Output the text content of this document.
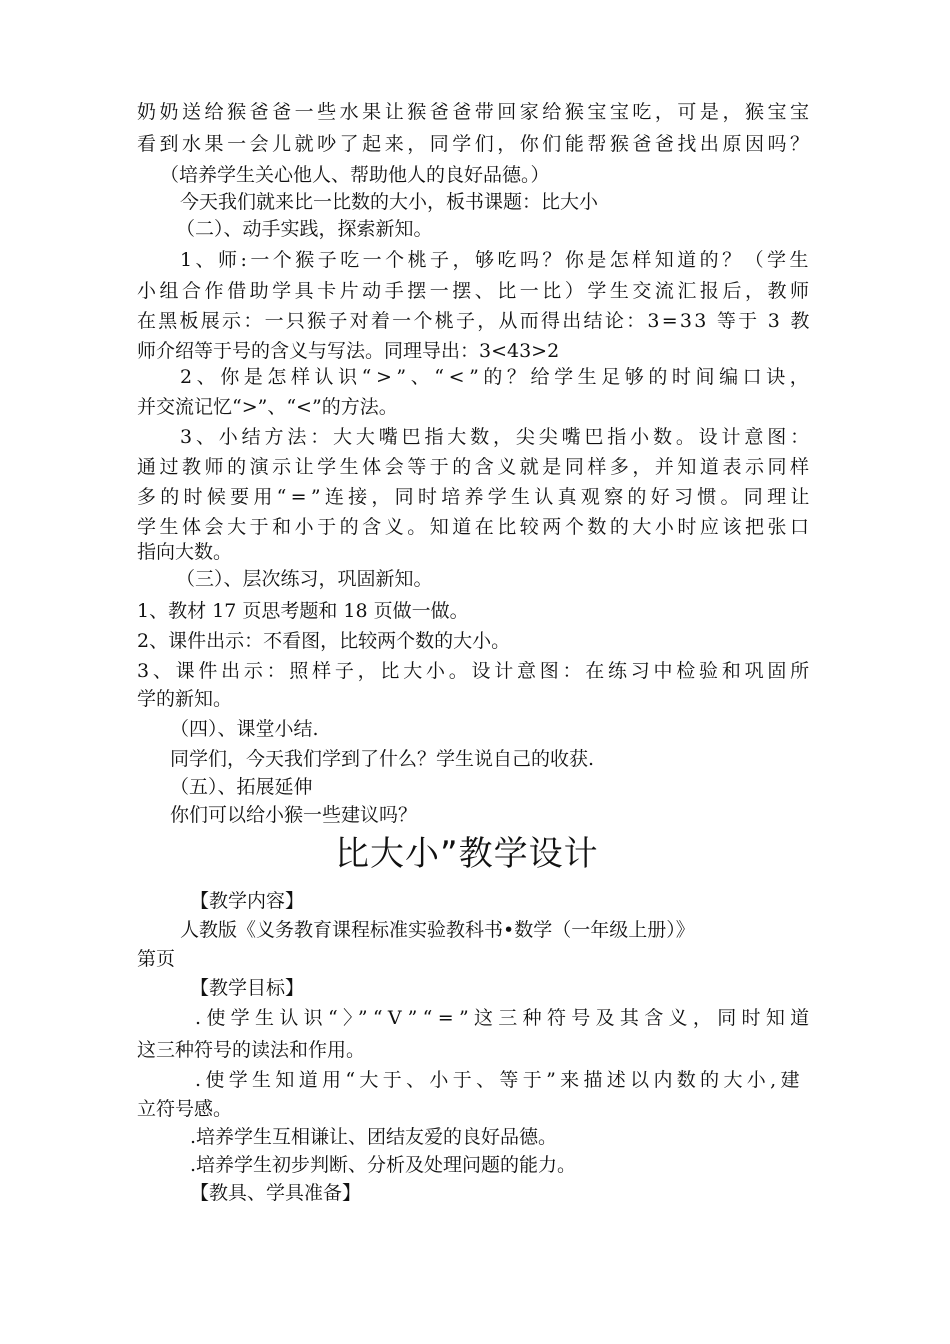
奶奶送给猴爸爸一些水果让猴爸爸带回家给猴宝宝吃，可是，猴宝宝
看到水果一会儿就吵了起来，同学们，你们能帮猴爸爸找出原因吗？
（培养学生关心他人、帮助他人的良好品德。）
今天我们就来比一比数的大小，板书课题：比大小
（二）、动手实践，探索新知。
1、师:一个猴子吃一个桃子，够吃吗？你是怎样知道的？（学生
小组合作借助学具卡片动手摆一摆、比一比）学生交流汇报后，教师
在黑板展示：一只猴子对着一个桃子，从而得出结论：3=33 等于 3 教
师介绍等于号的含义与写法。同理导出：3<43>2
2、你是怎样认识“>”、“<”的？给学生足够的时间编口诀，
并交流记忆“>”、“<”的方法。
3、小结方法：大大嘴巴指大数，尖尖嘴巴指小数。设计意图：
通过教师的演示让学生体会等于的含义就是同样多，并知道表示同样
多的时候要用“=”连接，同时培养学生认真观察的好习惯。同理让
学生体会大于和小于的含义。知道在比较两个数的大小时应该把张口
指向大数。
（三）、层次练习，巩固新知。
1、教材 17 页思考题和 18 页做一做。
2、课件出示：不看图，比较两个数的大小。
3、课件出示：照样子，比大小。设计意图：在练习中检验和巩固所
学的新知。
（四）、课堂小结.
同学们，今天我们学到了什么？学生说自己的收获.
（五）、拓展延伸
你们可以给小猴一些建议吗？
比大小”教学设计
【教学内容】
人教版《义务教育课程标准实验教科书•数学（一年级上册）》
第页
【教学目标】
.使学生认识“〉”“V”“=”这三种符号及其含义，同时知道
这三种符号的读法和作用。
.使学生知道用“大于、小于、等于”来描述以内数的大小,建
立符号感。
.培养学生互相谦让、团结友爱的良好品德。
.培养学生初步判断、分析及处理问题的能力。
【教具、学具准备】
